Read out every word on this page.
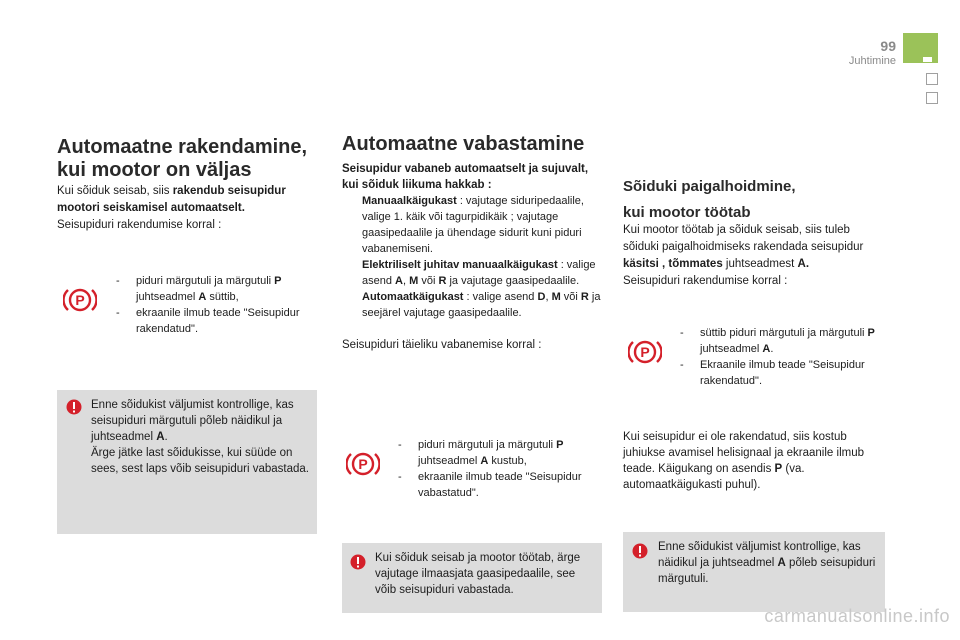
99
Juhtimine
Automaatne rakendamine,
kui mootor on väljas
Kui sõiduk seisab, siis rakendub seisupidur mootori seiskamisel automaatselt.
Seisupiduri rakendumise korral :
P
- piduri märgutuli ja märgutuli P juhtseadmel A süttib,
- ekraanile ilmub teade "Seisupidur rakendatud".
Enne sõidukist väljumist kontrollige, kas seisupiduri märgutuli põleb näidikul ja juhtseadmel A.
Ärge jätke last sõidukisse, kui süüde on sees, sest laps võib seisupiduri vabastada.
Automaatne vabastamine
Seisupidur vabaneb automaatselt ja sujuvalt, kui sõiduk liikuma hakkab :
Manuaalkäigukast : vajutage siduripedaalile, valige 1. käik või tagurpidikäik ; vajutage gaasipedaalile ja ühendage sidurit kuni piduri vabanemiseni.
Elektriliselt juhitav manuaalkäigukast : valige asend A, M või R ja vajutage gaasipedaalile.
Automaatkäigukast : valige asend D, M või R ja seejärel vajutage gaasipedaalile.
Seisupiduri täieliku vabanemise korral :
P
- piduri märgutuli ja märgutuli P juhtseadmel A kustub,
- ekraanile ilmub teade "Seisupidur vabastatud".
Kui sõiduk seisab ja mootor töötab, ärge vajutage ilmaasjata gaasipedaalile, see võib seisupiduri vabastada.
Sõiduki paigalhoidmine,
kui mootor töötab
Kui mootor töötab ja sõiduk seisab, siis tuleb sõiduki paigalhoidmiseks rakendada seisupidur käsitsi , tõmmates juhtseadmest A.
Seisupiduri rakendumise korral :
P
- süttib piduri märgutuli ja märgutuli P juhtseadmel A.
- Ekraanile ilmub teade "Seisupidur rakendatud".
Kui seisupidur ei ole rakendatud, siis kostub juhiukse avamisel helisignaal ja ekraanile ilmub teade. Käigukang on asendis P (va. automaatkäigukasti puhul).
Enne sõidukist väljumist kontrollige, kas näidikul ja juhtseadmel A põleb seisupiduri märgutuli.
carmanualsonline.info
